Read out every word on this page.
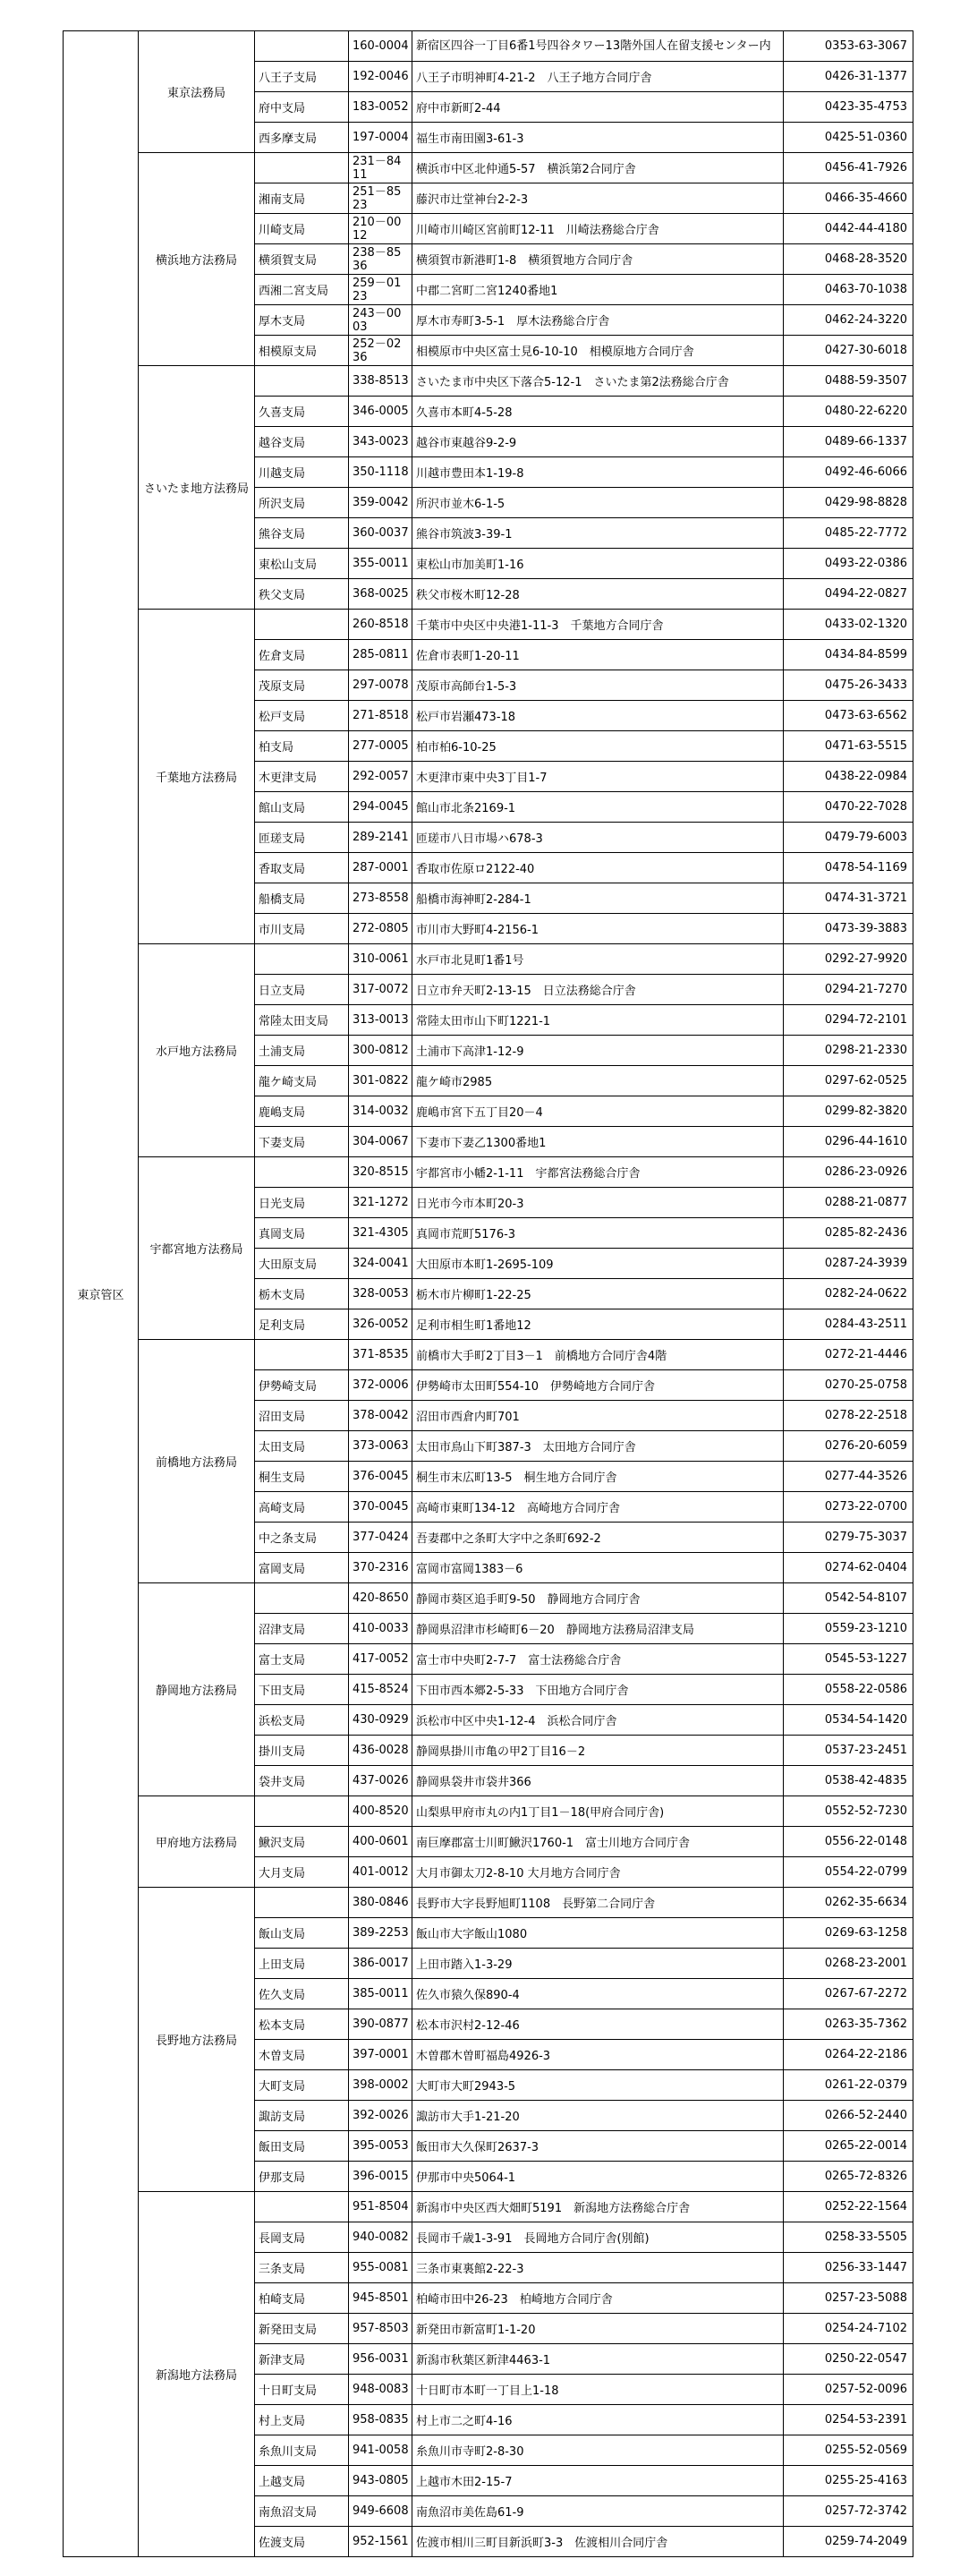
東京管区	東京法務局		160-0004	新宿区四谷一丁目6番1号四谷タワー13階外国人在留支援センター内	0353-63-3067
		八王子支局	192-0046	八王子市明神町4-21-2　八王子地方合同庁舎	0426-31-1377
		府中支局	183-0052	府中市新町2-44	0423-35-4753
		西多摩支局	197-0004	福生市南田園3-61-3	0425-51-0360
	横浜地方法務局		231－8411	横浜市中区北仲通5-57　横浜第2合同庁舎	0456-41-7926
		湘南支局	251－8523	藤沢市辻堂神台2-2-3	0466-35-4660
		川崎支局	210－0012	川崎市川崎区宮前町12-11　川崎法務総合庁舎	0442-44-4180
		横須賀支局	238－8536	横須賀市新港町1-8　横須賀地方合同庁舎	0468-28-3520
		西湘二宮支局	259－0123	中郡二宮町二宮1240番地1	0463-70-1038
		厚木支局	243－0003	厚木市寿町3-5-1　厚木法務総合庁舎	0462-24-3220
		相模原支局	252－0236	相模原市中央区富士見6-10-10　相模原地方合同庁舎	0427-30-6018
	さいたま地方法務局		338-8513	さいたま市中央区下落合5-12-1　さいたま第2法務総合庁舎	0488-59-3507
		久喜支局	346-0005	久喜市本町4-5-28	0480-22-6220
		越谷支局	343-0023	越谷市東越谷9-2-9	0489-66-1337
		川越支局	350-1118	川越市豊田本1-19-8	0492-46-6066
		所沢支局	359-0042	所沢市並木6-1-5	0429-98-8828
		熊谷支局	360-0037	熊谷市筑波3-39-1	0485-22-7772
		東松山支局	355-0011	東松山市加美町1-16	0493-22-0386
		秩父支局	368-0025	秩父市桜木町12-28	0494-22-0827
	千葉地方法務局		260-8518	千葉市中央区中央港1-11-3　千葉地方合同庁舎	0433-02-1320
		佐倉支局	285-0811	佐倉市表町1-20-11	0434-84-8599
		茂原支局	297-0078	茂原市高師台1-5-3	0475-26-3433
		松戸支局	271-8518	松戸市岩瀬473-18	0473-63-6562
		柏支局	277-0005	柏市柏6-10-25	0471-63-5515
		木更津支局	292-0057	木更津市東中央3丁目1-7	0438-22-0984
		館山支局	294-0045	館山市北条2169-1	0470-22-7028
		匝瑳支局	289-2141	匝瑳市八日市場ハ678-3	0479-79-6003
		香取支局	287-0001	香取市佐原ロ2122-40	0478-54-1169
		船橋支局	273-8558	船橋市海神町2-284-1	0474-31-3721
		市川支局	272-0805	市川市大野町4-2156-1	0473-39-3883
	水戸地方法務局		310-0061	水戸市北見町1番1号	0292-27-9920
		日立支局	317-0072	日立市弁天町2-13-15　日立法務総合庁舎	0294-21-7270
		常陸太田支局	313-0013	常陸太田市山下町1221-1	0294-72-2101
		土浦支局	300-0812	土浦市下高津1-12-9	0298-21-2330
		龍ケ崎支局	301-0822	龍ケ崎市2985	0297-62-0525
		鹿嶋支局	314-0032	鹿嶋市宮下五丁目20－4	0299-82-3820
		下妻支局	304-0067	下妻市下妻乙1300番地1	0296-44-1610
	宇都宮地方法務局		320-8515	宇都宮市小幡2-1-11　宇都宮法務総合庁舎	0286-23-0926
		日光支局	321-1272	日光市今市本町20-3	0288-21-0877
		真岡支局	321-4305	真岡市荒町5176-3	0285-82-2436
		大田原支局	324-0041	大田原市本町1-2695-109	0287-24-3939
		栃木支局	328-0053	栃木市片柳町1-22-25	0282-24-0622
		足利支局	326-0052	足利市相生町1番地12	0284-43-2511
	前橋地方法務局		371-8535	前橋市大手町2丁目3－1　前橋地方合同庁舎4階	0272-21-4446
		伊勢崎支局	372-0006	伊勢崎市太田町554-10　伊勢崎地方合同庁舎	0270-25-0758
		沼田支局	378-0042	沼田市西倉内町701	0278-22-2518
		太田支局	373-0063	太田市鳥山下町387-3　太田地方合同庁舎	0276-20-6059
		桐生支局	376-0045	桐生市末広町13-5　桐生地方合同庁舎	0277-44-3526
		高崎支局	370-0045	高崎市東町134-12　高崎地方合同庁舎	0273-22-0700
		中之条支局	377-0424	吾妻郡中之条町大字中之条町692-2	0279-75-3037
		富岡支局	370-2316	富岡市富岡1383－6	0274-62-0404
	静岡地方法務局		420-8650	静岡市葵区追手町9-50　静岡地方合同庁舎	0542-54-8107
		沼津支局	410-0033	静岡県沼津市杉崎町6－20　静岡地方法務局沼津支局	0559-23-1210
		富士支局	417-0052	富士市中央町2-7-7　富士法務総合庁舎	0545-53-1227
		下田支局	415-8524	下田市西本郷2-5-33　下田地方合同庁舎	0558-22-0586
		浜松支局	430-0929	浜松市中区中央1-12-4　浜松合同庁舎	0534-54-1420
		掛川支局	436-0028	静岡県掛川市亀の甲2丁目16－2	0537-23-2451
		袋井支局	437-0026	静岡県袋井市袋井366	0538-42-4835
	甲府地方法務局		400-8520	山梨県甲府市丸の内1丁目1－18(甲府合同庁舎)	0552-52-7230
		鰍沢支局	400-0601	南巨摩郡富士川町鰍沢1760-1　富士川地方合同庁舎	0556-22-0148
		大月支局	401-0012	大月市御太刀2-8-10 大月地方合同庁舎	0554-22-0799
	長野地方法務局		380-0846	長野市大字長野旭町1108　長野第二合同庁舎	0262-35-6634
		飯山支局	389-2253	飯山市大字飯山1080	0269-63-1258
		上田支局	386-0017	上田市踏入1-3-29	0268-23-2001
		佐久支局	385-0011	佐久市猿久保890-4	0267-67-2272
		松本支局	390-0877	松本市沢村2-12-46	0263-35-7362
		木曽支局	397-0001	木曽郡木曽町福島4926-3	0264-22-2186
		大町支局	398-0002	大町市大町2943-5	0261-22-0379
		諏訪支局	392-0026	諏訪市大手1-21-20	0266-52-2440
		飯田支局	395-0053	飯田市大久保町2637-3	0265-22-0014
		伊那支局	396-0015	伊那市中央5064-1	0265-72-8326
	新潟地方法務局		951-8504	新潟市中央区西大畑町5191　新潟地方法務総合庁舎	0252-22-1564
		長岡支局	940-0082	長岡市千歳1-3-91　長岡地方合同庁舎(別館)	0258-33-5505
		三条支局	955-0081	三条市東裏館2-22-3	0256-33-1447
		柏崎支局	945-8501	柏崎市田中26-23　柏崎地方合同庁舎	0257-23-5088
		新発田支局	957-8503	新発田市新富町1-1-20	0254-24-7102
		新津支局	956-0031	新潟市秋葉区新津4463-1	0250-22-0547
		十日町支局	948-0083	十日町市本町一丁目上1-18	0257-52-0096
		村上支局	958-0835	村上市二之町4-16	0254-53-2391
		糸魚川支局	941-0058	糸魚川市寺町2-8-30	0255-52-0569
		上越支局	943-0805	上越市木田2-15-7	0255-25-4163
		南魚沼支局	949-6608	南魚沼市美佐島61-9	0257-72-3742
		佐渡支局	952-1561	佐渡市相川三町目新浜町3-3　佐渡相川合同庁舎	0259-74-2049
